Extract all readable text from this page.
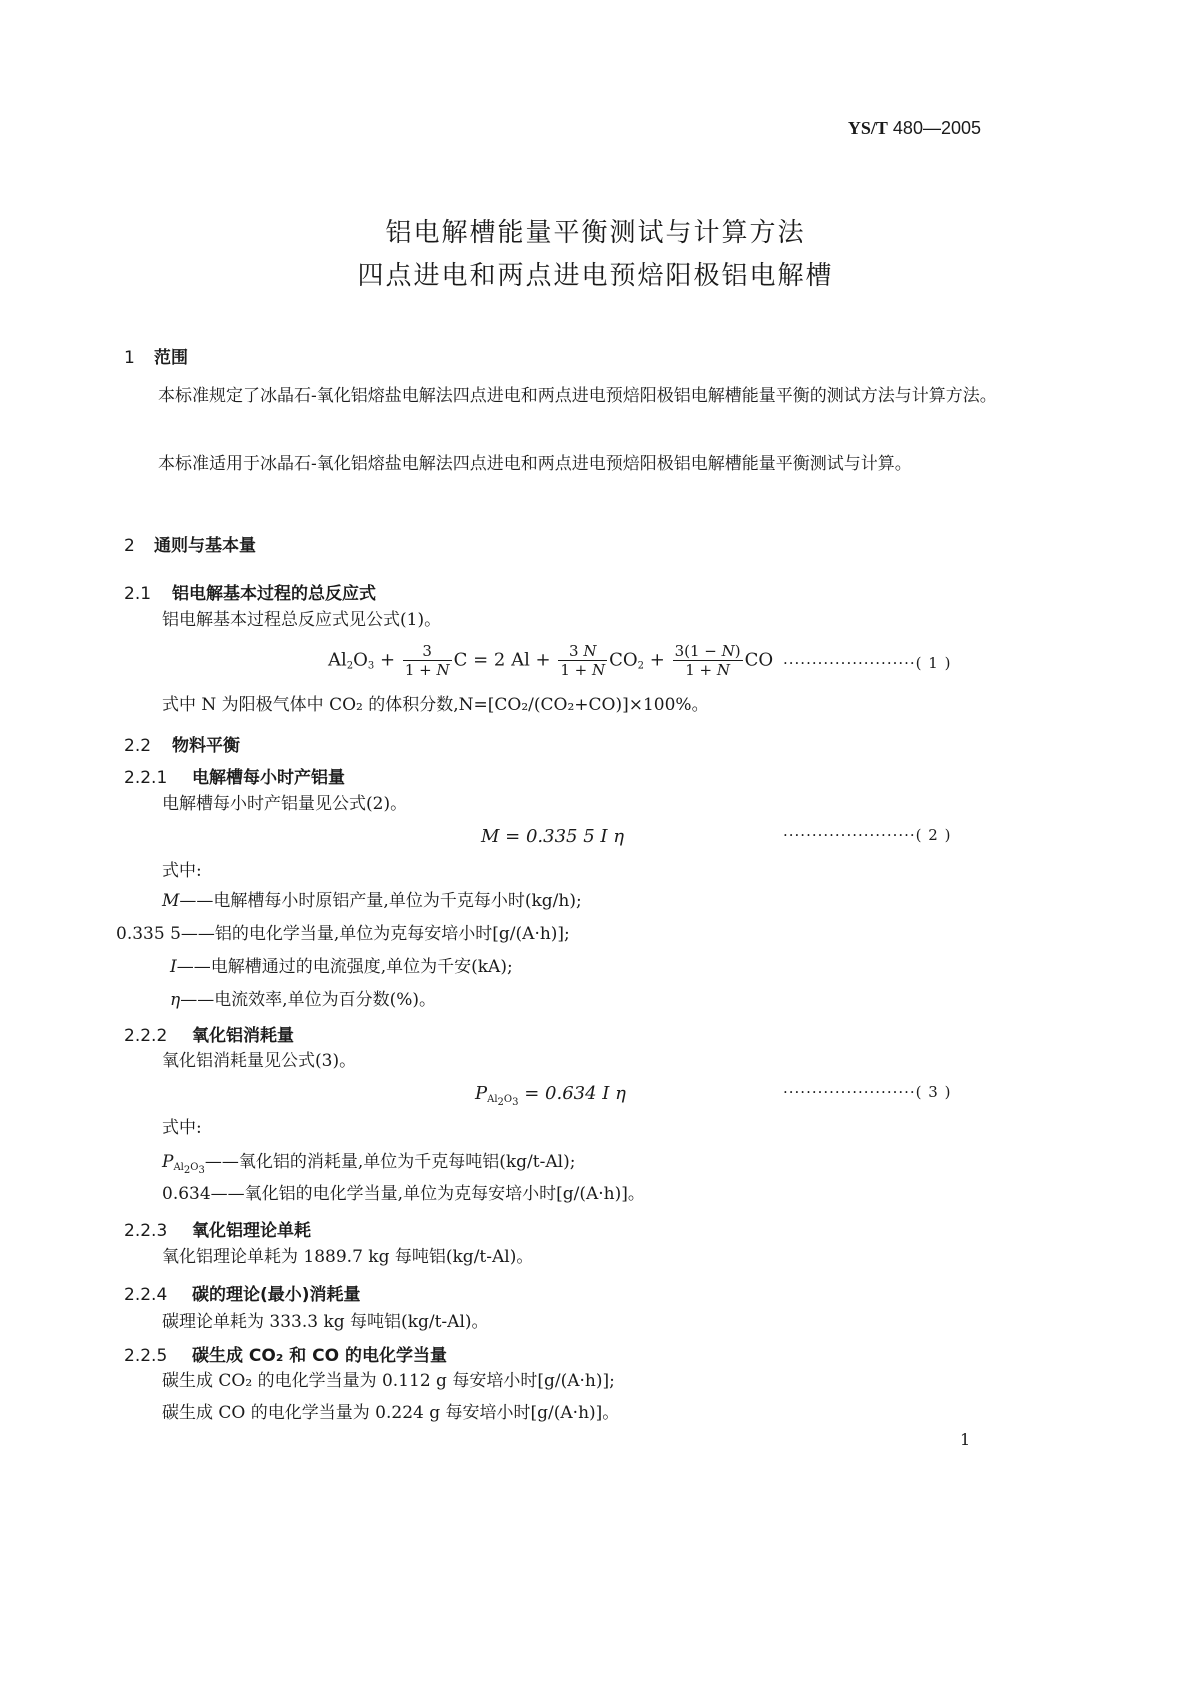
YS/T 480—2005
铝电解槽能量平衡测试与计算方法
四点进电和两点进电预焙阳极铝电解槽
1 范围
本标准规定了冰晶石-氧化铝熔盐电解法四点进电和两点进电预焙阳极铝电解槽能量平衡的测试方法与计算方法。
本标准适用于冰晶石-氧化铝熔盐电解法四点进电和两点进电预焙阳极铝电解槽能量平衡测试与计算。
2 通则与基本量
2.1 铝电解基本过程的总反应式
铝电解基本过程总反应式见公式(1)。
$Al_2O_3 + \frac{3}{1 + N}$ C = 2 $Al + \frac{3 N}{1 + N} CO_2 + \frac{3(1 - N)}{1 + N}$ CO ·······················( 1 )
式中 N 为阳极气体中 CO₂ 的体积分数,N=[CO₂/(CO₂+CO)]×100%。
2.2 物料平衡
2.2.1 电解槽每小时产铝量
电解槽每小时产铝量见公式(2)。
M = 0.335 5 I η	·······················( 2 )
式中:
M——电解槽每小时原铝产量,单位为千克每小时(kg/h);
0.335 5——铝的电化学当量,单位为克每安培小时[g/(A·h)];
I——电解槽通过的电流强度,单位为千安(kA);
η——电流效率,单位为百分数(%)。
2.2.2 氧化铝消耗量
氧化铝消耗量见公式(3)。
$P_{Al_2O_3} = 0.634$ I η	·······················( 3 )
式中:
$P_{Al_2O_3}——$氧化铝的消耗量,单位为千克每吨铝(kg/t-Al);
0.634——氧化铝的电化学当量,单位为克每安培小时[g/(A·h)]。
2.2.3 氧化铝理论单耗
氧化铝理论单耗为 1889.7 kg 每吨铝(kg/t-Al)。
2.2.4 碳的理论(最小)消耗量
碳理论单耗为 333.3 kg 每吨铝(kg/t-Al)。
2.2.5 碳生成 CO₂ 和 CO 的电化学当量
碳生成 CO₂ 的电化学当量为 0.112 g 每安培小时[g/(A·h)];
碳生成 CO 的电化学当量为 0.224 g 每安培小时[g/(A·h)]。
1
